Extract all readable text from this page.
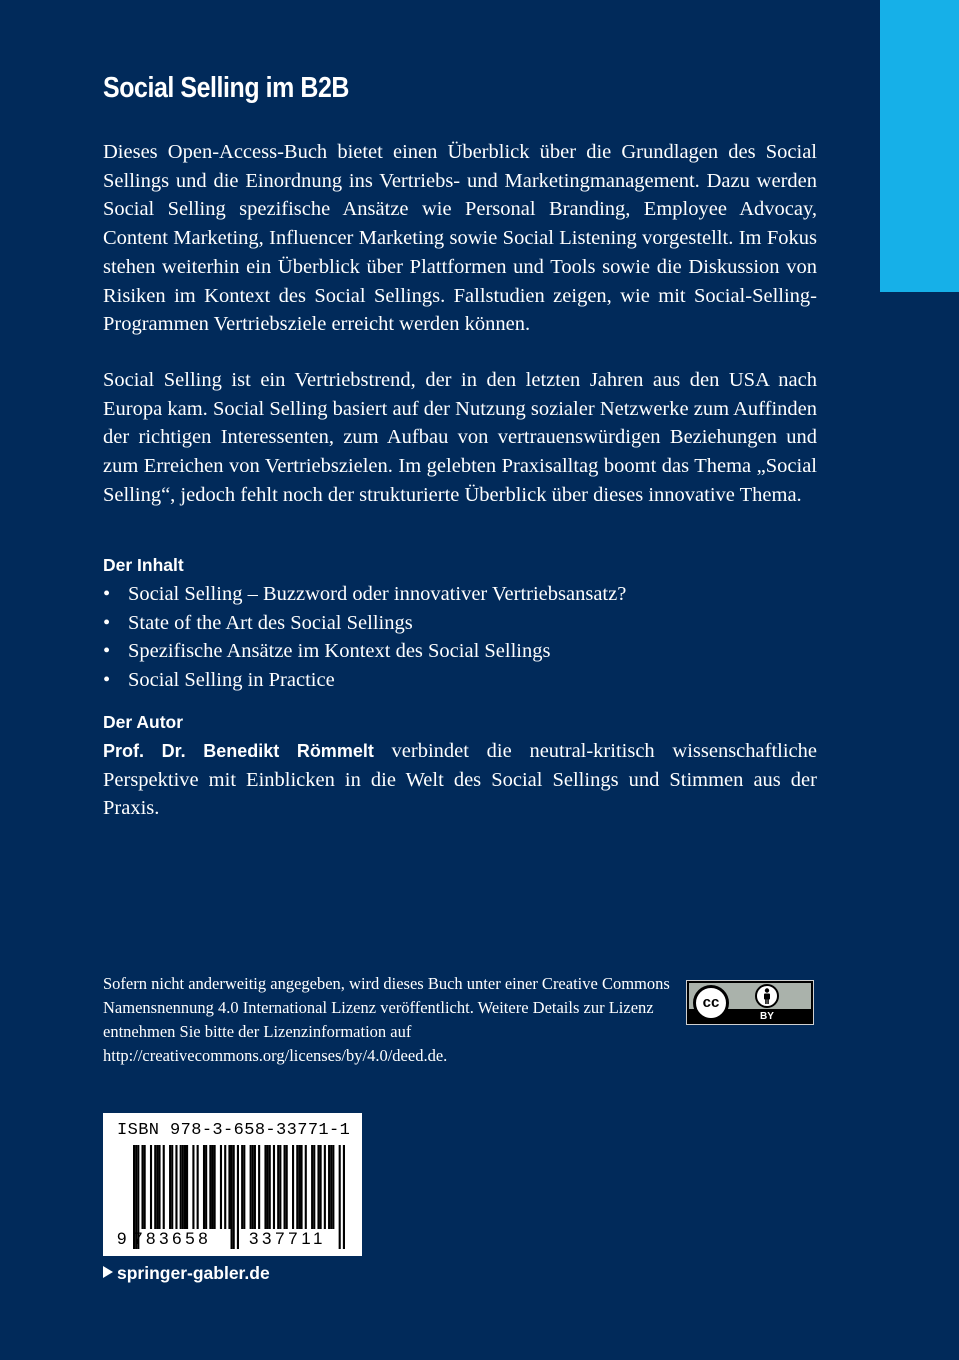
Social Selling im B2B

Dieses Open-Access-Buch bietet einen Überblick über die Grundlagen des Social Sellings und die Einordnung ins Vertriebs- und Marketingmanagement. Dazu werden Social Selling spezifische Ansätze wie Personal Branding, Employee Advocay, Content Marketing, Influencer Marketing sowie Social Listening vorgestellt. Im Fokus stehen weiterhin ein Überblick über Plattformen und Tools sowie die Diskussion von Risiken im Kontext des Social Sellings. Fallstudien zeigen, wie mit Social-Selling-Programmen Vertriebsziele erreicht werden können.

Social Selling ist ein Vertriebstrend, der in den letzten Jahren aus den USA nach Europa kam. Social Selling basiert auf der Nutzung sozialer Netzwerke zum Auffinden der richtigen Interessenten, zum Aufbau von vertrauenswürdigen Beziehungen und zum Erreichen von Vertriebszielen. Im gelebten Praxisalltag boomt das Thema „Social Selling“, jedoch fehlt noch der strukturierte Überblick über dieses innovative Thema.

Der Inhalt
• Social Selling – Buzzword oder innovativer Vertriebsansatz?
• State of the Art des Social Sellings
• Spezifische Ansätze im Kontext des Social Sellings
• Social Selling in Practice
Der Autor

Prof. Dr. Benedikt Römmelt verbindet die neutral-kritisch wissenschaftliche Perspektive mit Einblicken in die Welt des Social Sellings und Stimmen aus der Praxis.

Sofern nicht anderweitig angegeben, wird dieses Buch unter einer Creative Commons Namensnennung 4.0 International Lizenz veröffentlicht. Weitere Details zur Lizenz entnehmen Sie bitte der Lizenzinformation auf http://creativecommons.org/licenses/by/4.0/deed.de.

cc
BY
ISBN 978-3-658-33771-1
9 783658 337711
springer-gabler.de
